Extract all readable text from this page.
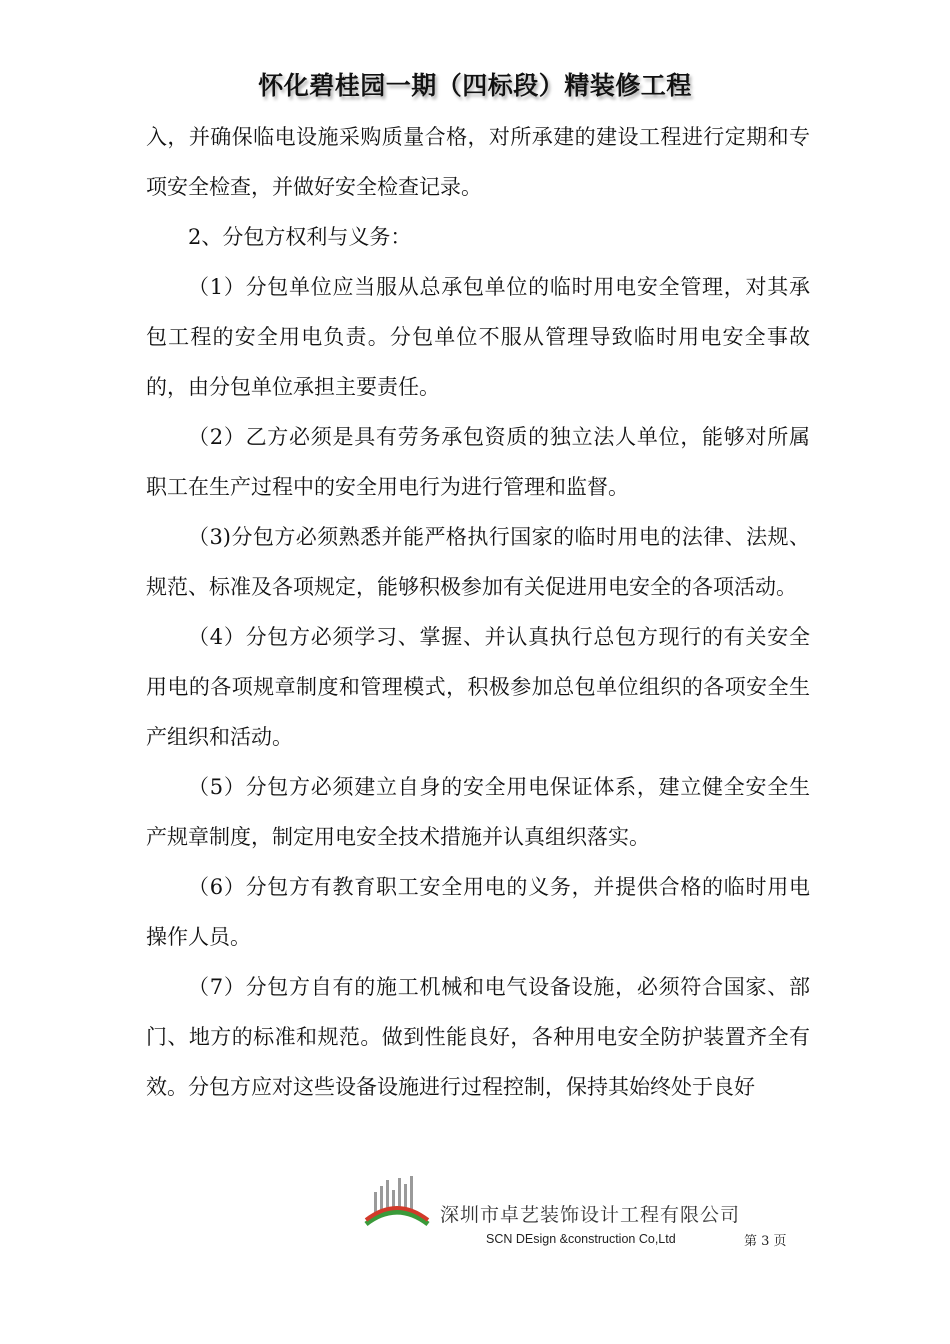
怀化碧桂园一期（四标段）精装修工程

入，并确保临电设施采购质量合格，对所承建的建设工程进行定期和专项安全检查，并做好安全检查记录。

2、分包方权利与义务：

（1）分包单位应当服从总承包单位的临时用电安全管理，对其承包工程的安全用电负责。分包单位不服从管理导致临时用电安全事故的，由分包单位承担主要责任。

（2）乙方必须是具有劳务承包资质的独立法人单位，能够对所属职工在生产过程中的安全用电行为进行管理和监督。

（3)分包方必须熟悉并能严格执行国家的临时用电的法律、法规、规范、标准及各项规定，能够积极参加有关促进用电安全的各项活动。

（4）分包方必须学习、掌握、并认真执行总包方现行的有关安全用电的各项规章制度和管理模式，积极参加总包单位组织的各项安全生产组织和活动。

（5）分包方必须建立自身的安全用电保证体系，建立健全安全生产规章制度，制定用电安全技术措施并认真组织落实。

（6）分包方有教育职工安全用电的义务，并提供合格的临时用电操作人员。

（7）分包方自有的施工机械和电气设备设施，必须符合国家、部门、地方的标准和规范。做到性能良好，各种用电安全防护装置齐全有效。分包方应对这些设备设施进行过程控制，保持其始终处于良好

深圳市卓艺装饰设计工程有限公司
SCN DEsign &construction Co,Ltd	第 3 页
